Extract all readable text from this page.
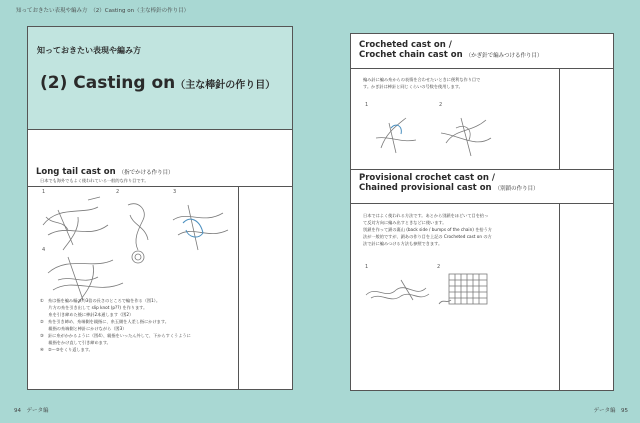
知っておきたい表現や編み方　（2）Casting on（主な棒針の作り目）
知っておきたい表現や編み方
(2) Casting on（主な棒針の作り目）
Long tail cast on （指でかける作り目）
日本でも海外でもよく使われている一般的な作り目です。
1	2	3
4
①　糸は指を編み幅の約3倍の長さのところで輪を作る（図1）。
　　片方の糸を引き出して slip knot (p??) を作ります。
　　糸を引き締めた後に棒針2本通します（図2）
②　糸を引き締め、糸端側を親指に、糸玉側を人差し指にかけます。
　　親指の糸端側と棒針にかけながら（図3）
③　針に糸がかかるように（図4）、親指をいったん外して、下からすくうように
　　親指をかけ直して引き締めます。
④　②〜③をくり返します。
Crocheted cast on /
Crochet chain cast on （かぎ針で編みつける作り目）
編み針に編み糸からの表情を合わせたいときに便利な作り目で
す。かぎ針は棒針と同じくらいの号数を使用します。
1	2
Provisional crochet cast on /
Chained provisional cast on （別鎖の作り目）
日本ではよく使われる方法です。あとから別鎖をほどいて目を拾っ
て反対方向に編み出すときなどに使います。
別鎖を作って鎖の裏山 (back side / bumps of the chain) を拾う方
法が一般的ですが、鎖あの作り目を上記の Crocheted cast on の方
法で針に編みつける方法も参照できます。
1	2
94　データ編	データ編　95
